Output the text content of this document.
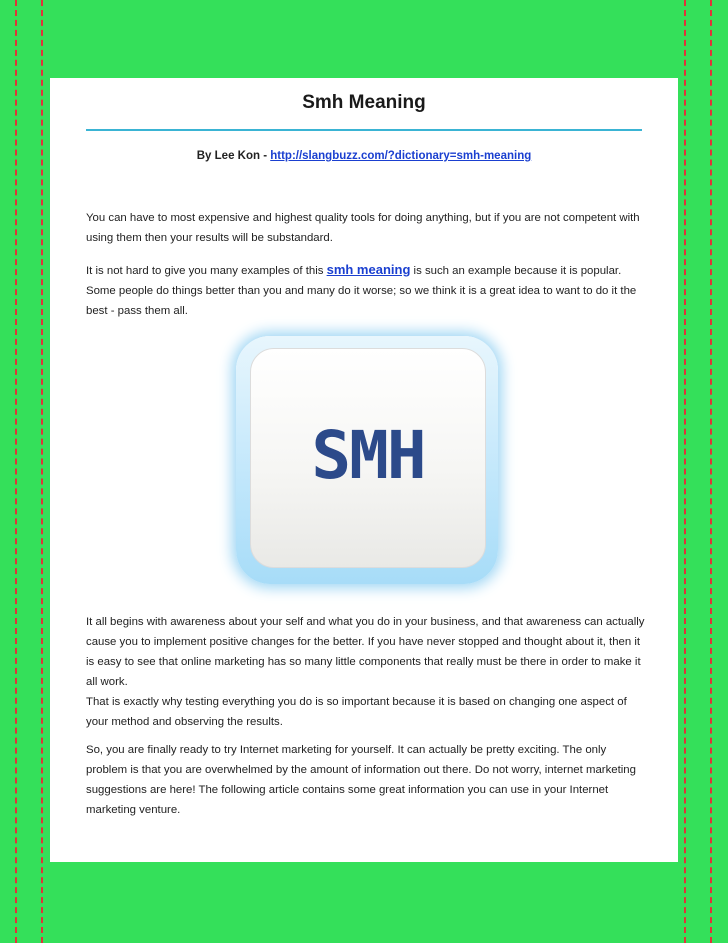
Smh Meaning
By Lee Kon - http://slangbuzz.com/?dictionary=smh-meaning

You can have to most expensive and highest quality tools for doing anything, but if you are not competent with using them then your results will be substandard.

It is not hard to give you many examples of this smh meaning is such an example because it is popular. Some people do things better than you and many do it worse; so we think it is a great idea to want to do it the best - pass them all.

SMH

It all begins with awareness about your self and what you do in your business, and that awareness can actually cause you to implement positive changes for the better. If you have never stopped and thought about it, then it is easy to see that online marketing has so many little components that really must be there in order to make it all work.

That is exactly why testing everything you do is so important because it is based on changing one aspect of your method and observing the results.

So, you are finally ready to try Internet marketing for yourself. It can actually be pretty exciting. The only problem is that you are overwhelmed by the amount of information out there. Do not worry, internet marketing suggestions are here! The following article contains some great information you can use in your Internet marketing venture.
